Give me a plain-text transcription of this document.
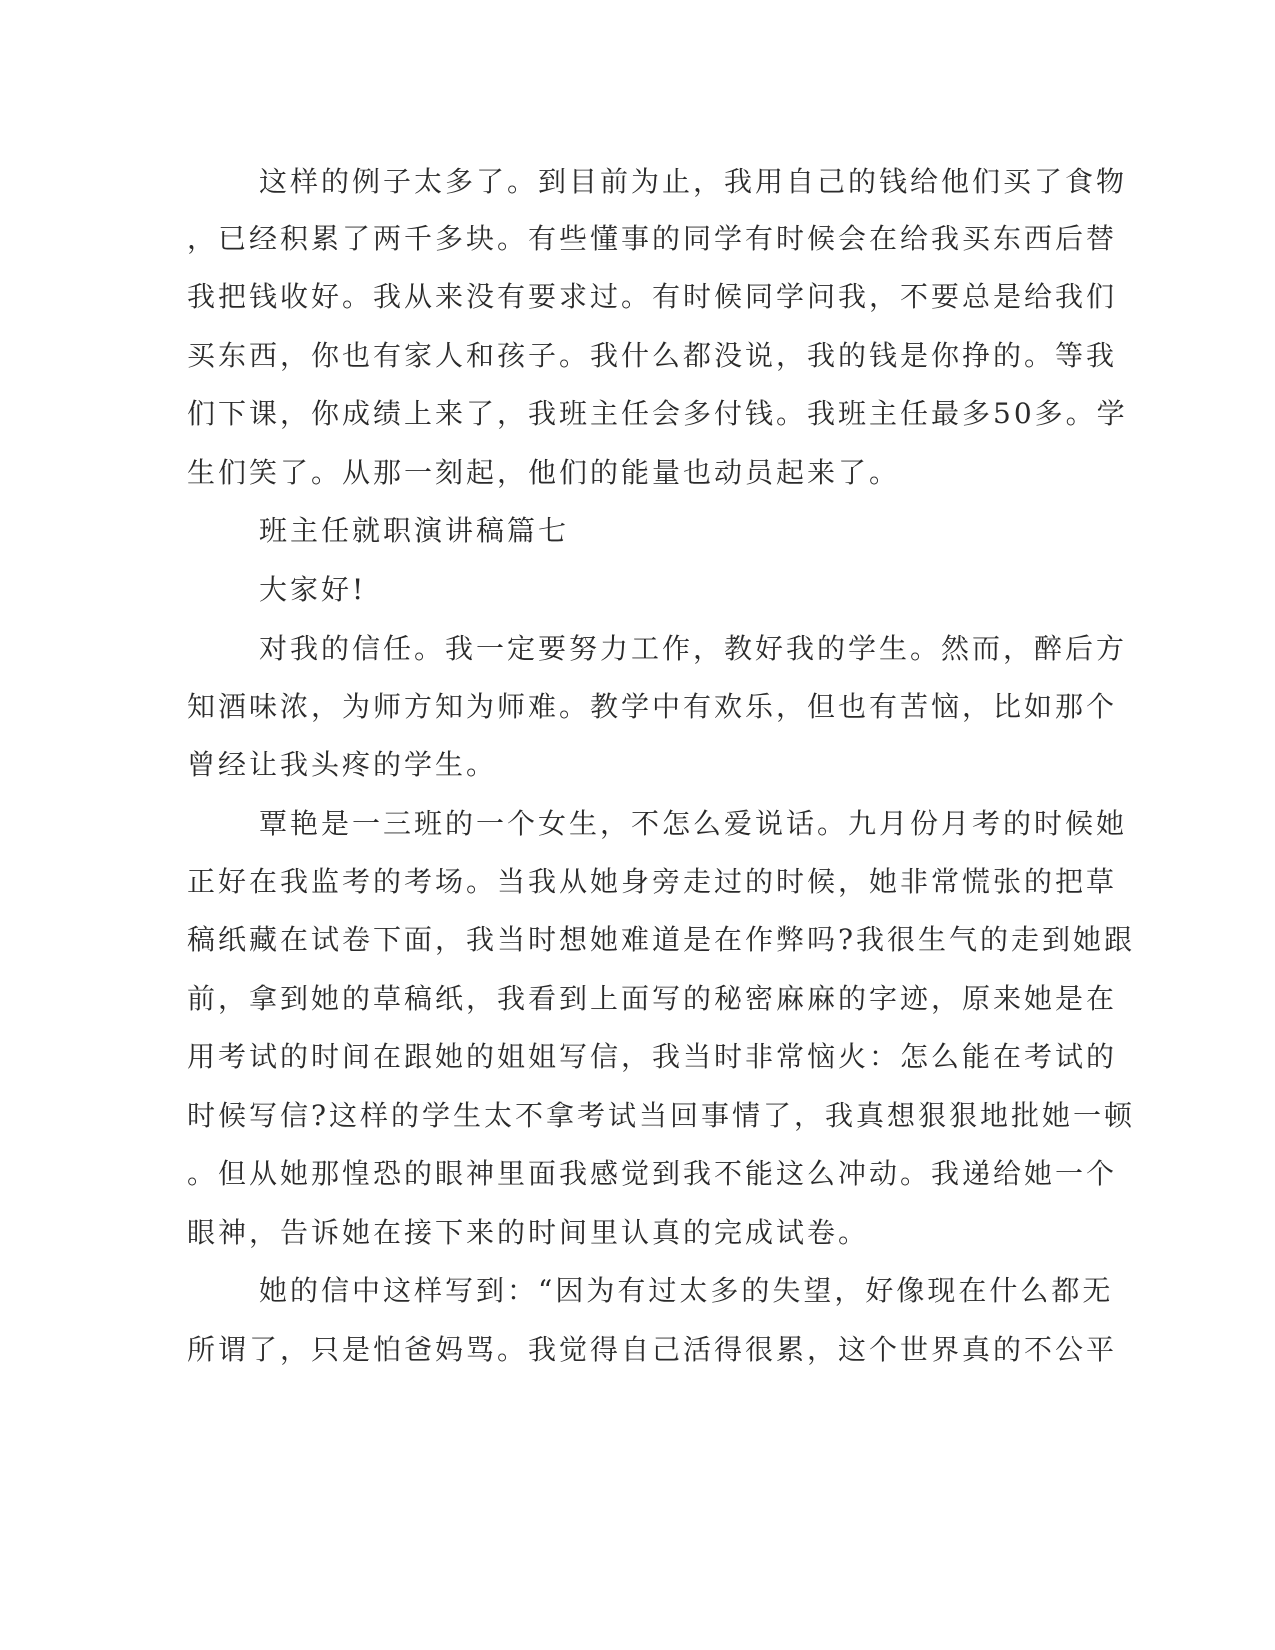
这样的例子太多了。到目前为止，我用自己的钱给他们买了食物
，已经积累了两千多块。有些懂事的同学有时候会在给我买东西后替
我把钱收好。我从来没有要求过。有时候同学问我，不要总是给我们
买东西，你也有家人和孩子。我什么都没说，我的钱是你挣的。等我
们下课，你成绩上来了，我班主任会多付钱。我班主任最多50多。学
生们笑了。从那一刻起，他们的能量也动员起来了。
班主任就职演讲稿篇七
大家好!
对我的信任。我一定要努力工作，教好我的学生。然而，醉后方
知酒味浓，为师方知为师难。教学中有欢乐，但也有苦恼，比如那个
曾经让我头疼的学生。
覃艳是一三班的一个女生，不怎么爱说话。九月份月考的时候她
正好在我监考的考场。当我从她身旁走过的时候，她非常慌张的把草
稿纸藏在试卷下面，我当时想她难道是在作弊吗?我很生气的走到她跟
前，拿到她的草稿纸，我看到上面写的秘密麻麻的字迹，原来她是在
用考试的时间在跟她的姐姐写信，我当时非常恼火：怎么能在考试的
时候写信?这样的学生太不拿考试当回事情了，我真想狠狠地批她一顿
。但从她那惶恐的眼神里面我感觉到我不能这么冲动。我递给她一个
眼神，告诉她在接下来的时间里认真的完成试卷。
她的信中这样写到：“因为有过太多的失望，好像现在什么都无
所谓了，只是怕爸妈骂。我觉得自己活得很累，这个世界真的不公平
